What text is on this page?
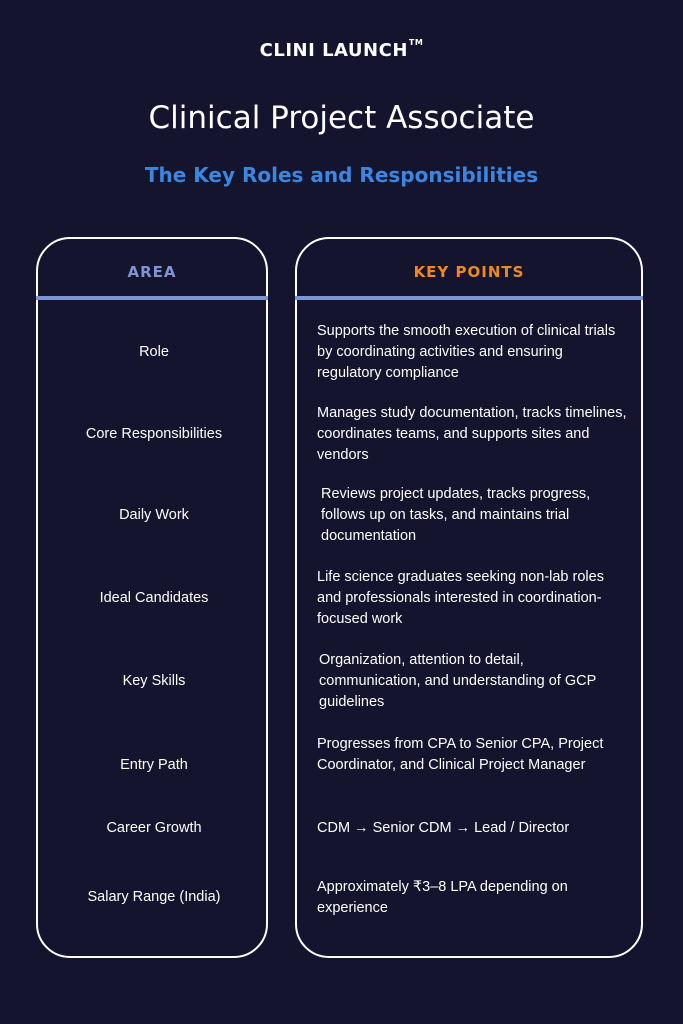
CLINI LAUNCH™
Clinical Project Associate
The Key Roles and Responsibilities
AREA
Role
Core Responsibilities
Daily Work
Ideal Candidates
Key Skills
Entry Path
Career Growth
Salary Range (India)
KEY POINTS
Supports the smooth execution of clinical trials by coordinating activities and ensuring regulatory compliance
Manages study documentation, tracks timelines, coordinates teams, and supports sites and vendors
Reviews project updates, tracks progress, follows up on tasks, and maintains trial documentation
Life science graduates seeking non-lab roles and professionals interested in coordination-focused work
Organization, attention to detail, communication, and understanding of GCP guidelines
Progresses from CPA to Senior CPA, Project Coordinator, and Clinical Project Manager
CDM → Senior CDM → Lead / Director
Approximately ₹3–8 LPA depending on experience
